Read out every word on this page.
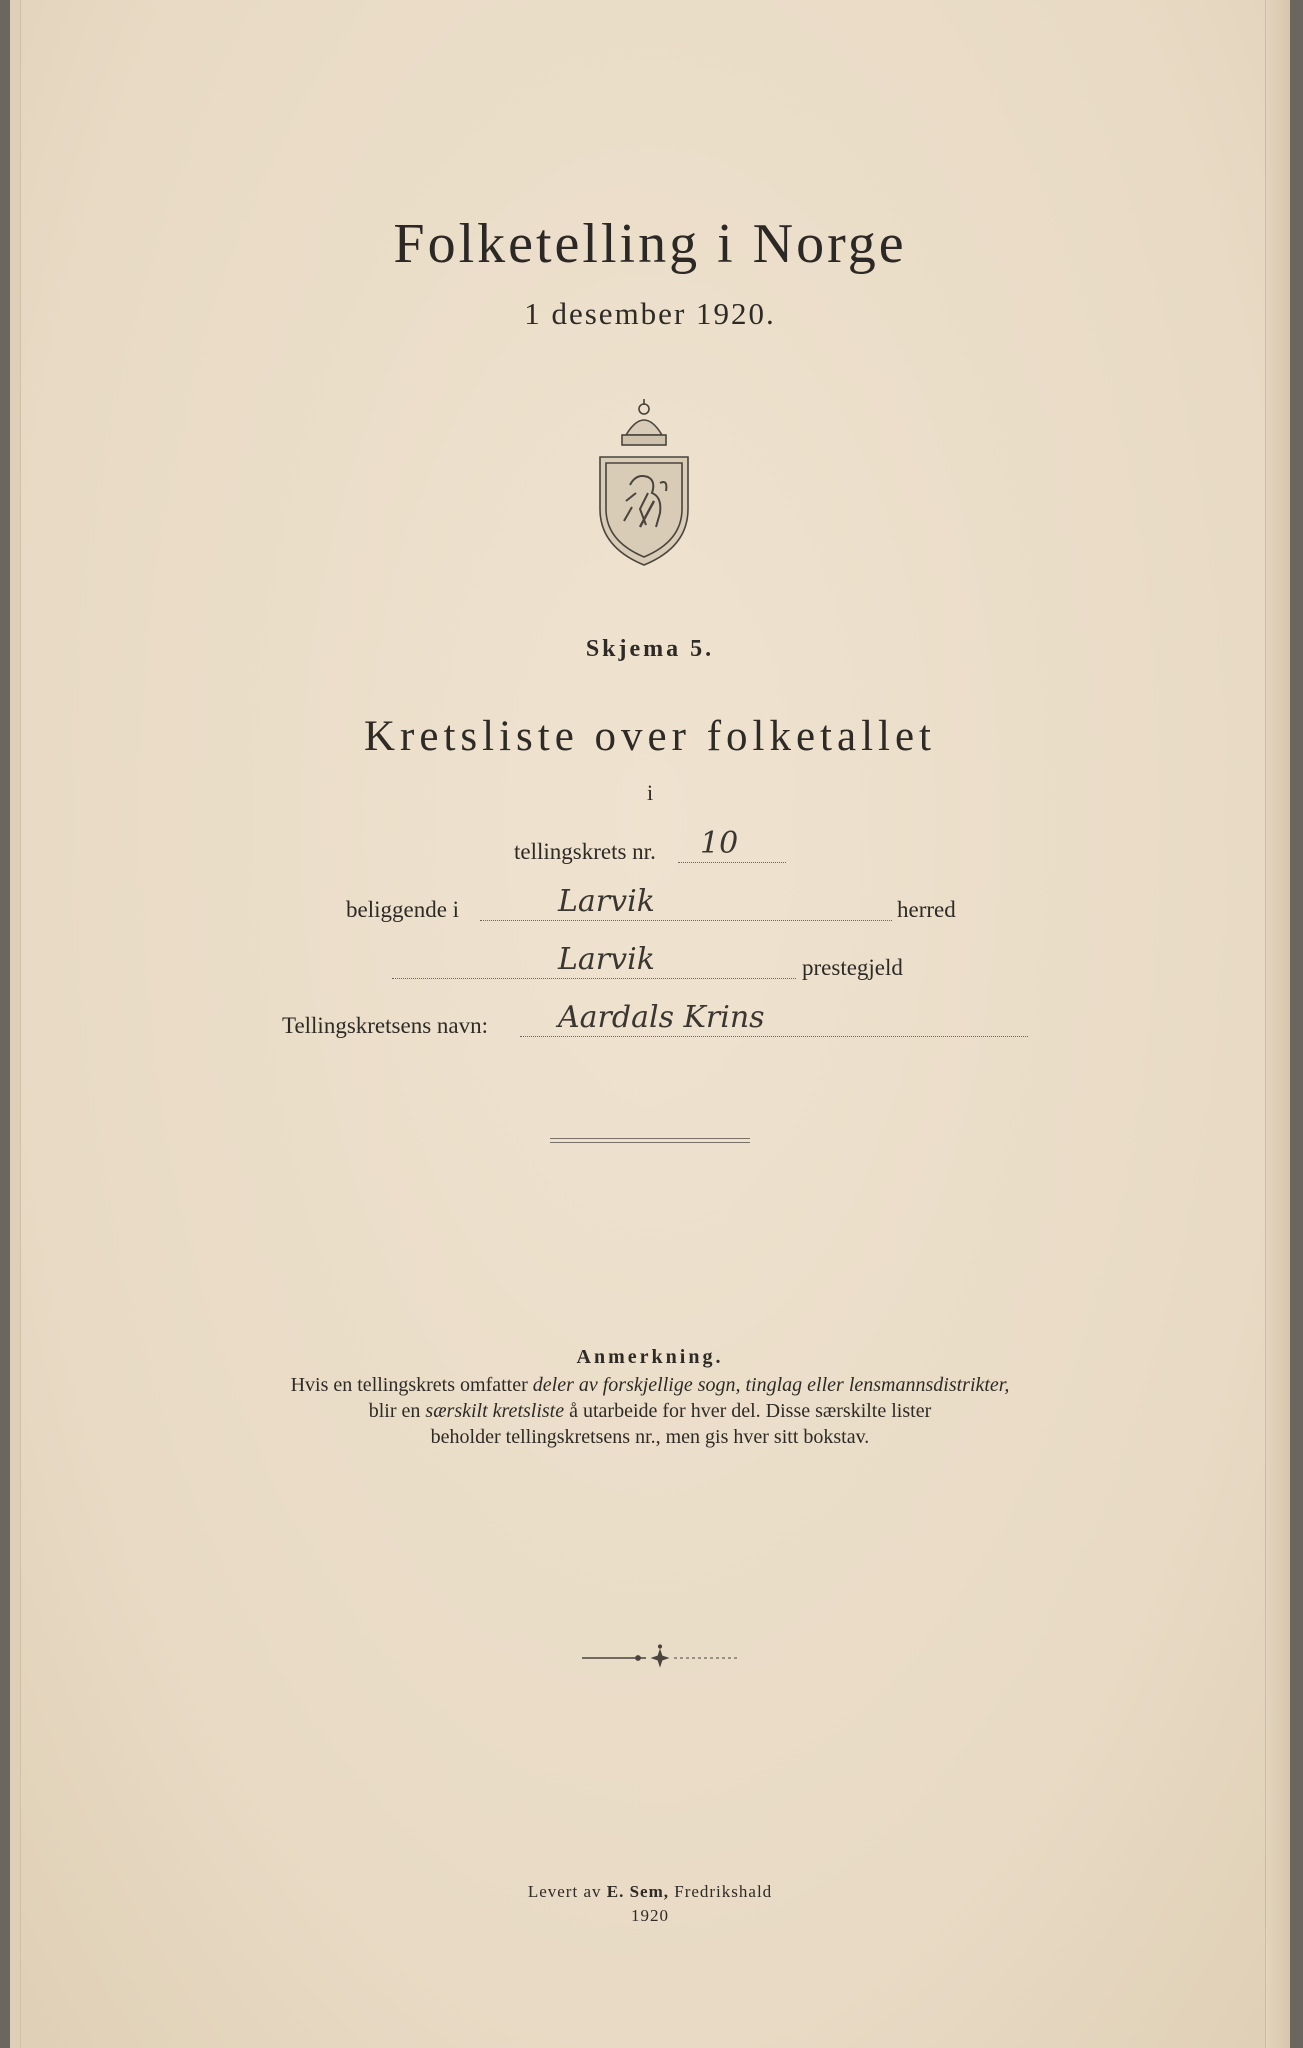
Folketelling i Norge
1 desember 1920.
Skjema 5.
Kretsliste over folketallet
i
tellingskrets nr. 10
beliggende i	Larvik	herred
Larvik	prestegjeld
Tellingskretsens navn: Aardals Krins
Anmerkning.
Hvis en tellingskrets omfatter deler av forskjellige sogn, tinglag eller lensmannsdistrikter,
blir en særskilt kretsliste å utarbeide for hver del. Disse særskilte lister
beholder tellingskretsens nr., men gis hver sitt bokstav.
Levert av E. Sem, Fredrikshald
1920
